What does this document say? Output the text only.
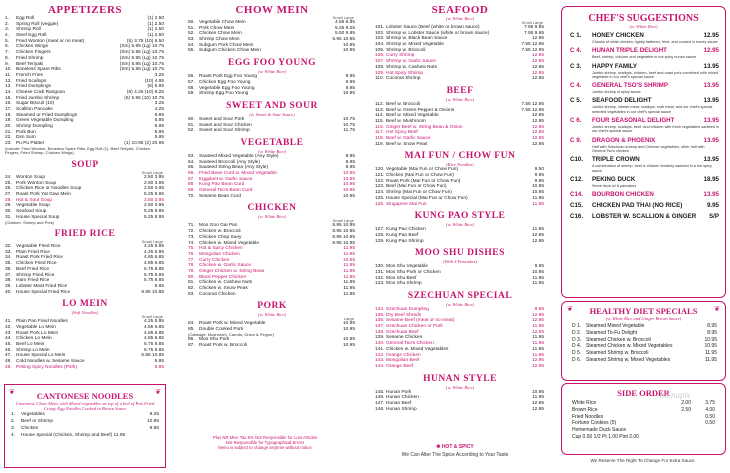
APPETIZERS
1. Egg Roll	(1) 2.50
2. Spring Roll (veggie)	(1) 2.50
3. Shrimp Roll	(1) 2.50
4. Steel Egg Roll	(1) 2.50
5. Fried Wonton (meat or no meat)	(5) 3.75 (10) 6.50
6. Chicken Wings	(Sm) 5.95 (Lg) 10.75
7. Chicken Fingers	(Sm) 5.95 (Lg) 10.75
8. Fried Shrimp	(Sm) 5.95 (Lg) 10.75
9. Beef Teriyaki	(Sm) 5.95 (Lg) 10.75
10. Boneless Spare Ribs	(Sm) 5.95 (Lg) 10.75
11. French Fries	3.25
12. Fried Scallops	(10) 4.95
13. Fried Dumplings	(8) 5.95
14. Cheese Crab Rangoon	(8) 4.25 (10) 8.25
15. Fried Jumbo Shrimp	(5) 5.95 (10) 10.75
16. Sugar Biscuit (10)	3.25
17. Scallion Pancake	4.25
18. Steamed or Fried Dumplings	5.95
19. Green Vegetable Dumpling	5.95
20. Shrimp Dumpling	5.95
21. Pork Bun	5.95
22. Dim Sum	5.95
23. Pu Pu Platter	(1) 10.95 (2) 20.95
(Include: Fried Wonton, Boneless Spare Ribs, Egg Roll (1), Beef Teriyaki, Chicken Fingers, Fried Shrimp, Chicken Wings)
SOUP
Small Large
24. Wonton Soup	2.50 3.95
25. Pork Wonton Soup	2.50 3.95
26. Chicken Rice or Noodles Soup	2.50 3.95
27. Roast Pork Yat Gaw Mein	5.25 8.95
28. Hot & Sour Soup	2.50 3.95
29. Vegetable Soup	2.50 3.95
30. Seafood Soup	5.25 8.95
31. House Special Soup	5.25 8.95
(Chicken, Shrimp and Pork)
FRIED RICE
Small Large
32. Vegetable Fried Rice	4.25 5.95
33. Plain Fried Rice	4.25 5.95
34. Roast Pork Fried Rice	4.85 6.85
35. Chicken Fried Rice	4.85 6.85
36. Beef Fried Rice	5.75 8.85
37. Shrimp Fried Rice	5.75 8.85
38. Ham Fried Rice	5.75 8.85
39. Lobster Meat Fried Rice	8.85
40. House Special Fried Rice	8.95 10.85
LO MEIN
(Soft Noodles)
Small Large
41. Plain Pan Fried Noodles	4.25 5.95
42. Vegetable Lo Mein	4.85 6.85
43. Roast Pork Lo Mein	4.85 6.85
44. Chicken Lo Mein	4.85 6.85
45. Beef Lo Mein	5.75 8.85
46. Shrimp Lo Mein	5.75 8.85
47. House Special Lo Mein	6.85 10.85
48. Cold Noodles w. Sesame Sauce	5.95
49. Peking Spicy Noodles (Pork)	5.95
❦	❦
CANTONESE NOODLES
Cantonese Chow Mein, with Mixed vegetables on top of a bed of Pan Fried Crispy Egg Noodles Cooked in Brown Sauce
1. Vegetables	9.25
2. Beef or Shrimp	10.95
3. Chicken	9.95
4. House Special (Chicken, Shrimp and Beef) 11.95
CHOW MEIN
Small Large
50. Vegetable Chow Mein	4.85 6.85
51. Pork Chow Mein	5.25 9.25
52. Chicken Chow Mein	5.50 9.95
53. Shrimp Chow Mein	5.95 10.95
54. Subgum Pork Chow Mein	10.95
55. Subgum Chicken Chow Mein	10.95
EGG FOO YOUNG
(w. White Rice)
56. Roast Pork Egg Foo Young	9.95
57. Chicken Egg Foo Young	9.95
58. Vegetable Egg Foo Young	9.95
59. Shrimp Egg Foo Young	10.95
SWEET AND SOUR
(w. Sweet & Sour Sauce)
60. Sweet and Sour Pork	10.75
61. Sweet and Sour Chicken	10.75
62. Sweet and Sour Shrimp	11.75
VEGETABLE
(w. White Rice)
63. Sauteed Mixed Vegetable (Any Style)	8.95
64. Sauteed Broccoli (Any Style)	8.95
65. Sauteed String Bean (Any Style)	8.95
66. Fried Bean Curd w. Mixed Vegetable	10.95
67. Eggplant w. Garlic Sauce	10.95
68. Kung Pao Bean Curd	10.95
69. General Tso's Bean Curd	10.95
70. Sesame Bean Curd	10.95
CHICKEN
(w. White Rice)
Small Large
71. Moo Goo Gai Pan	8.95 10.95
72. Chicken w. Broccoli	8.95 10.95
73. Chicken Chop Suey	8.95 10.95
74. Chicken w. Mixed Vegetable	8.95 10.95
75. Hot & Spicy Chicken	11.95
76. Mongolian Chicken	11.95
77. Curry Chicken	10.95
78. Chicken w. Garlic Sauce	11.95
79. Ginger Chicken w. String Bean	11.95
80. Black Pepper Chicken	11.95
81. Chicken w. Cashew Nuts	11.95
82. Chicken w. Snow Peas	11.95
83. Coconut Chicken	11.95
PORK
(w. White Rice)
Large
84. Roast Pork w. Mixed Vegetable	10.95
85. Double Cooked Pork	10.95
(Cabbage, Mushroom, Carrots, Onion & Pepper)
86. Moo Shu Pork	10.95
87. Roast Pork w. Broccoli	10.95
Plus NR Misc Tax 6% Not Responsible for Lost Articles
Not Responsible for Typographical Errors
Menu is subject to change anytime without notice
SEAFOOD
(w. White Rice)
Small Large
101. Lobster Sauce (Beef (white or brown sauce)	7.95 9.95
102. Shrimp w. Lobster Sauce (white or brown sauce)	7.95 9.95
103. Shrimp w. Black Bean Sauce	12.95
104. Shrimp w. Mixed Vegetable	7.55 12.95
105. Shrimp w. Broccoli	7.55 12.95
106. Curry Shrimp	12.95
107. Shrimp w. Garlic Sauce	12.95
108. Shrimp w. Cashew Nuts	12.95
109. Hot Spicy Shrimp	12.95
110. Coconut Shrimp	12.95
BEEF
(w. White Rice)
112. Beef w. Broccoli	7.55 12.95
113. Beef w. Green Pepper & Onions	7.55 12.95
114. Beef w. Mixed Vegetable	12.95
115. Beef w. Mushroom	12.95
116. Ginger Beef w. String Bean & Onion	12.95
117. Hot Spicy Beef	12.95
118. Beef w. Garlic Sauce	12.95
119. Beef w. Snow Peas	12.95
MAI FUN / CHOW FUN
(Rice Noodles)
120. Vegetable (Mai Fun or Chow Fun)	9.50
121. Chicken (Mai Fun or Chow Fun)	9.95
122. Roast Pork (Mai Fun or Chow Fun)	9.95
123. Beef (Mai Fun or Chow Fun)	10.95
124. Shrimp (Mai Fun or Chow Fun)	10.95
125. House Special (Mai Fun or Chow Fun)	11.95
126. Singapore Mai Fun	11.95
KUNG PAO STYLE
(w. White Rice)
127. Kung Pao Chicken	11.95
128. Kung Pao Beef	12.95
129. Kung Pao Shrimp	12.95
MOO SHU DISHES
(With 4 Pancakes)
130. Moo Shu Vegetable	9.95
131. Moo Shu Pork or Chicken	10.95
132. Moo Shu Beef	11.95
133. Moo Shu Shrimp	11.95
SZECHUAN SPECIAL
(w. White Rice)
134. Szechuan Dumpling	8.95
135. Dry Beef Shreds	12.95
136. Sesame Beef (meat or no meat)	12.95
137. Szechuan Chicken or Pork	11.95
138. Szechuan Beef	12.95
139. Sesame Chicken	11.95
140. General Tso's Chicken	11.95
141. Chicken w. Mixed Vegetables	11.95
142. Orange Chicken	11.95
143. Mongolian Beef	12.95
144. Orange Beef	12.95
HUNAN STYLE
(w. White Rice)
145. Hunan Pork	10.95
146. Hunan Chicken	11.95
147. Hunan Beef	12.95
148. Hunan Shrimp	12.95
✱ HOT & SPICY
We Can Alter The Spice According to Your Taste
CHEF'S SUGGESTIONS
(w. White Rice)
C 1. HONEY CHICKEN	12.95
Chunks of white chicken, lightly battered, fried, and cooked in honey sauce
C 4. HUNAN TRIPLE DELIGHT	12.95
Beef, shrimp, chicken and vegetable in hot spicy hunan sauce
C 3. HAPPY FAMILY	13.95
Jumbo shrimp, scallops, chicken, beef and roast pork combined with mixed vegetable in our chef's special sauce
C 4. GENERAL TSO'S SHRIMP	13.95
Jumbo shrimp in spicy sauce
C 5. SEAFOOD DELIGHT	13.95
Jumbo shrimp, lobster meat, scallops, crab meat, and our chef's special selected vegetables in our chef's special sauce
C 6. FOUR SEASONAL DELIGHT	13.95
Jumbo shrimp, scallops, beef, and chicken with fresh vegetables sauteed in our chef's special sauce
C 9. DRAGON & PHOENIX	13.95
Half with Szechuan shrimp and Chinese vegetables, other half with General Tso's chicken
C10. TRIPLE CROWN	13.95
A combination of shrimp, beef & chicken tenderly sauteed in a hot spicy sauce
C12. PEKING DUCK	18.95
Serve duck w/ 6 pancakes
C14. BOURBON CHICKEN	13.95
C15. CHICKEN PAD THAI (NO RICE)	9.95
C16. LOBSTER W. SCALLION & GINGER S/P
❦	❦
HEALTHY DIET SPECIALS
(w. White Rice and Ginger Brown Sauce)
D 1. Steamed Mixed Vegetable	8.95
D 2. Steamed To-Fu Delight	8.95
D 3. Steamed Chicken w. Broccoli	10.95
D 4. Steamed Chicken w. Mixed Vegetables	10.95
D 5. Steamed Shrimp w. Broccoli	11.95
D 6. Steamed Shrimp w. Mixed Vegetables	11.95
SIDE ORDER
White Rice	2.00	3.75
Brown Rice	2.50	4.00
Fried Noodles	0.50
Fortune Cookies (5)	0.50
Homemade Duck Sauce
Cup 0.50 1/2 Pt 1.00 Pint 2.00
menupix
We Reserve The Right To Change For Extra Sauce
